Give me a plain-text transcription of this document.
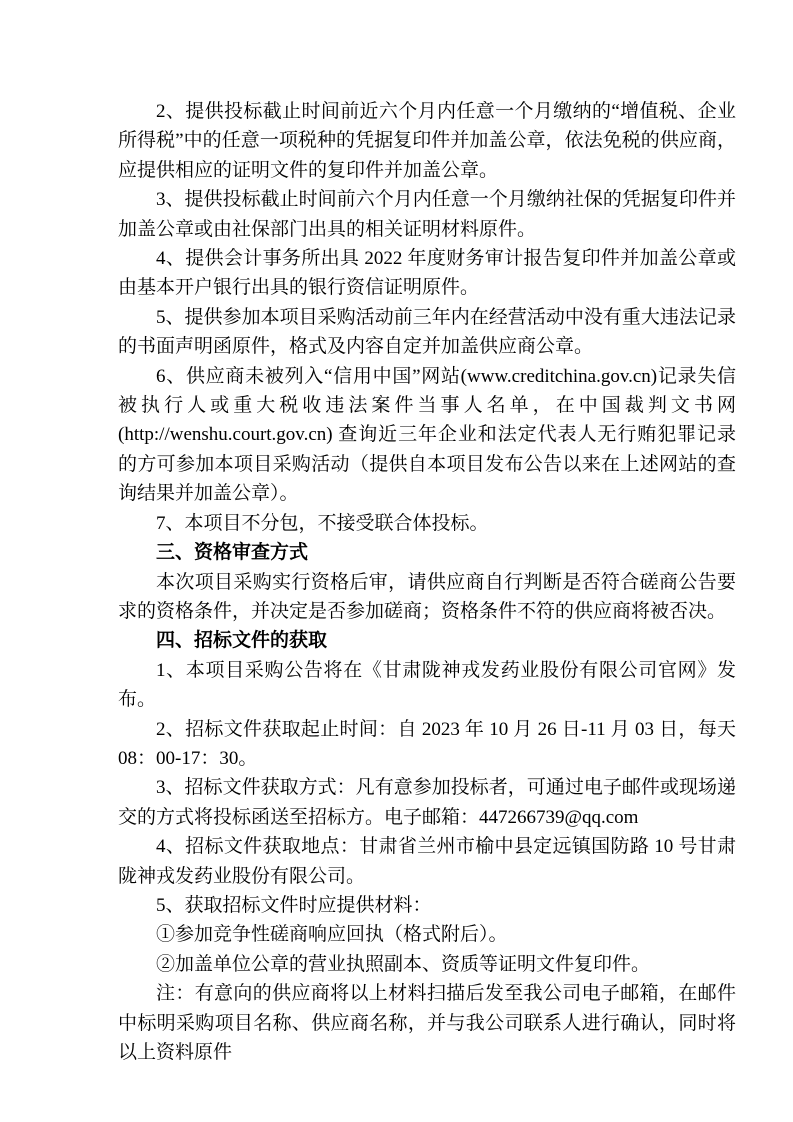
2、提供投标截止时间前近六个月内任意一个月缴纳的“增值税、企业所得税”中的任意一项税种的凭据复印件并加盖公章，依法免税的供应商，应提供相应的证明文件的复印件并加盖公章。

3、提供投标截止时间前六个月内任意一个月缴纳社保的凭据复印件并加盖公章或由社保部门出具的相关证明材料原件。

4、提供会计事务所出具 2022 年度财务审计报告复印件并加盖公章或由基本开户银行出具的银行资信证明原件。

5、提供参加本项目采购活动前三年内在经营活动中没有重大违法记录的书面声明函原件，格式及内容自定并加盖供应商公章。

6、供应商未被列入“信用中国”网站(www.creditchina.gov.cn)记录失信被执行人或重大税收违法案件当事人名单，在中国裁判文书网(http://wenshu.court.gov.cn) 查询近三年企业和法定代表人无行贿犯罪记录的方可参加本项目采购活动（提供自本项目发布公告以来在上述网站的查询结果并加盖公章）。

7、本项目不分包，不接受联合体投标。

三、资格审查方式

本次项目采购实行资格后审，请供应商自行判断是否符合磋商公告要求的资格条件，并决定是否参加磋商；资格条件不符的供应商将被否决。

四、招标文件的获取

1、本项目采购公告将在《甘肃陇神戎发药业股份有限公司官网》发布。

2、招标文件获取起止时间：自 2023 年 10 月 26 日-11 月 03 日，每天 08：00-17：30。

3、招标文件获取方式：凡有意参加投标者，可通过电子邮件或现场递交的方式将投标函送至招标方。电子邮箱：447266739@qq.com

4、招标文件获取地点：甘肃省兰州市榆中县定远镇国防路 10 号甘肃陇神戎发药业股份有限公司。

5、获取招标文件时应提供材料：

①参加竞争性磋商响应回执（格式附后）。

②加盖单位公章的营业执照副本、资质等证明文件复印件。

注：有意向的供应商将以上材料扫描后发至我公司电子邮箱，在邮件中标明采购项目名称、供应商名称，并与我公司联系人进行确认，同时将以上资料原件
